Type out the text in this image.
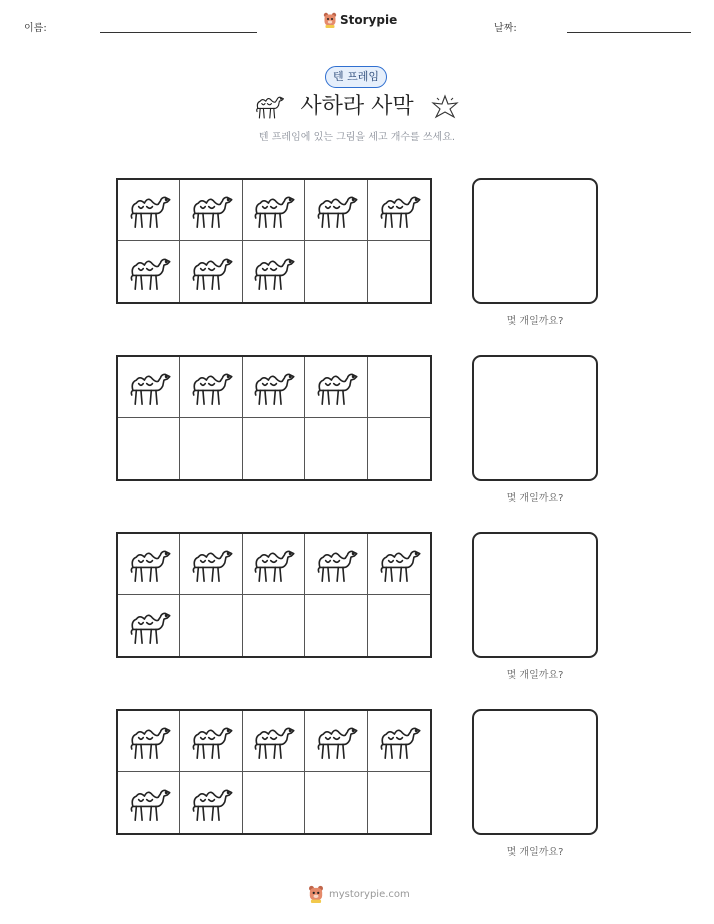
이름:
Storypie
날짜:
텐 프레임
사하라 사막
텐 프레임에 있는 그림을 세고 개수를 쓰세요.
몇 개일까요?
몇 개일까요?
몇 개일까요?
몇 개일까요?
mystorypie.com
